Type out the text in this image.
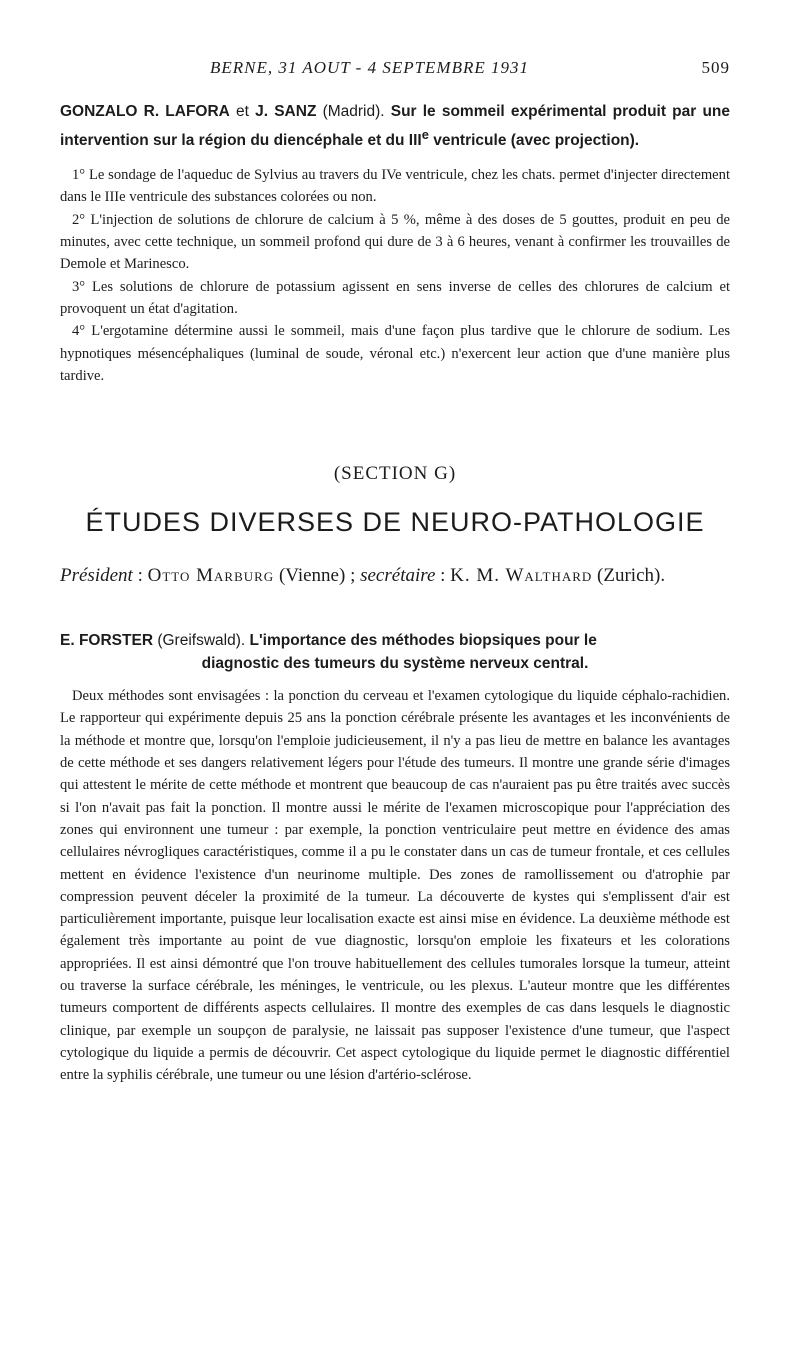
BERNE, 31 AOUT - 4 SEPTEMBRE 1931	509
GONZALO R. LAFORA et J. SANZ (Madrid). Sur le sommeil expérimental produit par une intervention sur la région du diencéphale et du IIIe ventricule (avec projection).

1° Le sondage de l'aqueduc de Sylvius au travers du IVe ventricule, chez les chats. permet d'injecter directement dans le IIIe ventricule des substances colorées ou non.

2° L'injection de solutions de chlorure de calcium à 5 %, même à des doses de 5 gouttes, produit en peu de minutes, avec cette technique, un sommeil profond qui dure de 3 à 6 heures, venant à confirmer les trouvailles de Demole et Marinesco.

3° Les solutions de chlorure de potassium agissent en sens inverse de celles des chlorures de calcium et provoquent un état d'agitation.

4° L'ergotamine détermine aussi le sommeil, mais d'une façon plus tardive que le chlorure de sodium. Les hypnotiques mésencéphaliques (luminal de soude, véronal etc.) n'exercent leur action que d'une manière plus tardive.

(SECTION G)
ÉTUDES DIVERSES DE NEURO-PATHOLOGIE
Président : Otto Marburg (Vienne) ; secrétaire : K. M. Walthard (Zurich).
E. FORSTER (Greifswald). L'importance des méthodes biopsiques pour le
diagnostic des tumeurs du système nerveux central.

Deux méthodes sont envisagées : la ponction du cerveau et l'examen cytologique du liquide céphalo-rachidien. Le rapporteur qui expérimente depuis 25 ans la ponction cérébrale présente les avantages et les inconvénients de la méthode et montre que, lorsqu'on l'emploie judicieusement, il n'y a pas lieu de mettre en balance les avantages de cette méthode et ses dangers relativement légers pour l'étude des tumeurs. Il montre une grande série d'images qui attestent le mérite de cette méthode et montrent que beaucoup de cas n'auraient pas pu être traités avec succès si l'on n'avait pas fait la ponction. Il montre aussi le mérite de l'examen microscopique pour l'appréciation des zones qui environnent une tumeur : par exemple, la ponction ventriculaire peut mettre en évidence des amas cellulaires névrogliques caractéristiques, comme il a pu le constater dans un cas de tumeur frontale, et ces cellules mettent en évidence l'existence d'un neurinome multiple. Des zones de ramollissement ou d'atrophie par compression peuvent déceler la proximité de la tumeur. La découverte de kystes qui s'emplissent d'air est particulièrement importante, puisque leur localisation exacte est ainsi mise en évidence. La deuxième méthode est également très importante au point de vue diagnostic, lorsqu'on emploie les fixateurs et les colorations appropriées. Il est ainsi démontré que l'on trouve habituellement des cellules tumorales lorsque la tumeur, atteint ou traverse la surface cérébrale, les méninges, le ventricule, ou les plexus. L'auteur montre que les différentes tumeurs comportent de différents aspects cellulaires. Il montre des exemples de cas dans lesquels le diagnostic clinique, par exemple un soupçon de paralysie, ne laissait pas supposer l'existence d'une tumeur, que l'aspect cytologique du liquide a permis de découvrir. Cet aspect cytologique du liquide permet le diagnostic différentiel entre la syphilis cérébrale, une tumeur ou une lésion d'artério-sclérose.
